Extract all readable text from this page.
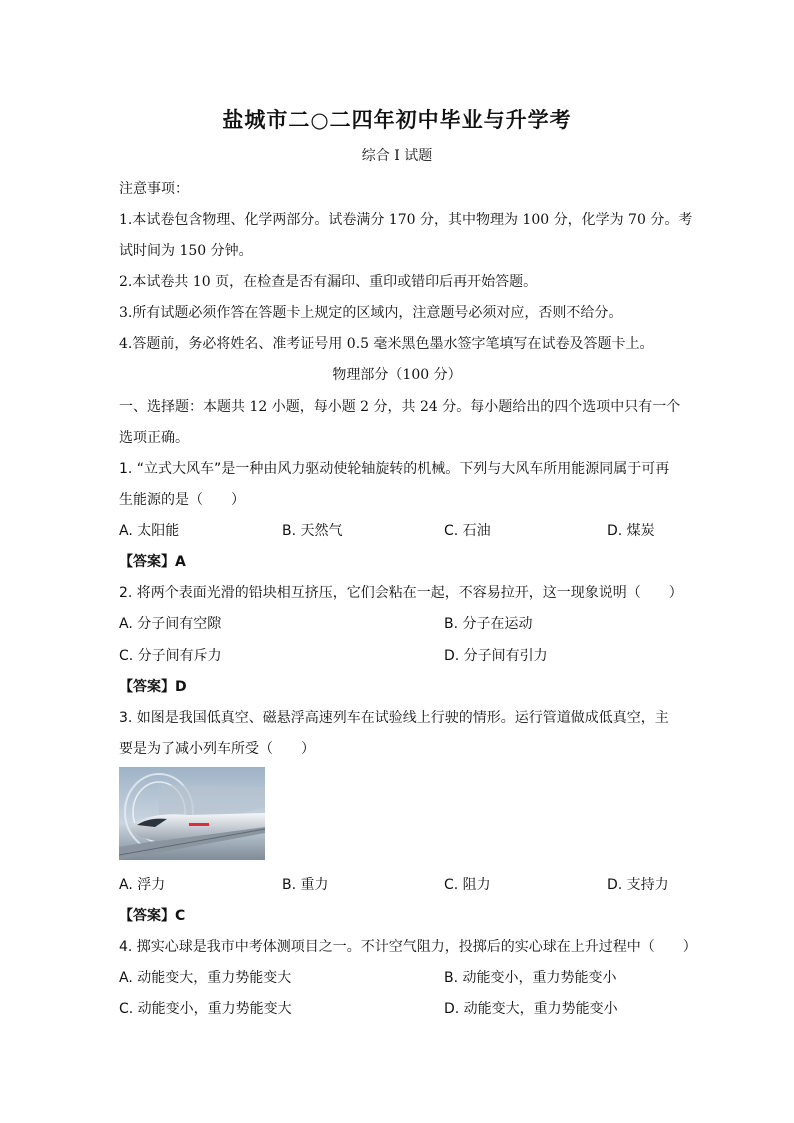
盐城市二○二四年初中毕业与升学考
综合 I 试题
注意事项：
1.本试卷包含物理、化学两部分。试卷满分 170 分，其中物理为 100 分，化学为 70 分。考
试时间为 150 分钟。
2.本试卷共 10 页，在检查是否有漏印、重印或错印后再开始答题。
3.所有试题必须作答在答题卡上规定的区域内，注意题号必须对应，否则不给分。
4.答题前，务必将姓名、准考证号用 0.5 毫米黑色墨水签字笔填写在试卷及答题卡上。
物理部分（100 分）
一、选择题：本题共 12 小题，每小题 2 分，共 24 分。每小题给出的四个选项中只有一个
选项正确。
1. “立式大风车”是一种由风力驱动使轮轴旋转的机械。下列与大风车所用能源同属于可再
生能源的是（　　）
A. 太阳能	B. 天然气	C. 石油	D. 煤炭
【答案】A
2. 将两个表面光滑的铅块相互挤压，它们会粘在一起，不容易拉开，这一现象说明（　　）
A. 分子间有空隙	B. 分子在运动
C. 分子间有斥力	D. 分子间有引力
【答案】D
3. 如图是我国低真空、磁悬浮高速列车在试验线上行驶的情形。运行管道做成低真空，主
要是为了减小列车所受（　　）
A. 浮力	B. 重力	C. 阻力	D. 支持力
【答案】C
4. 掷实心球是我市中考体测项目之一。不计空气阻力，投掷后的实心球在上升过程中（　　）
A. 动能变大，重力势能变大	B. 动能变小，重力势能变小
C. 动能变小，重力势能变大	D. 动能变大，重力势能变小
